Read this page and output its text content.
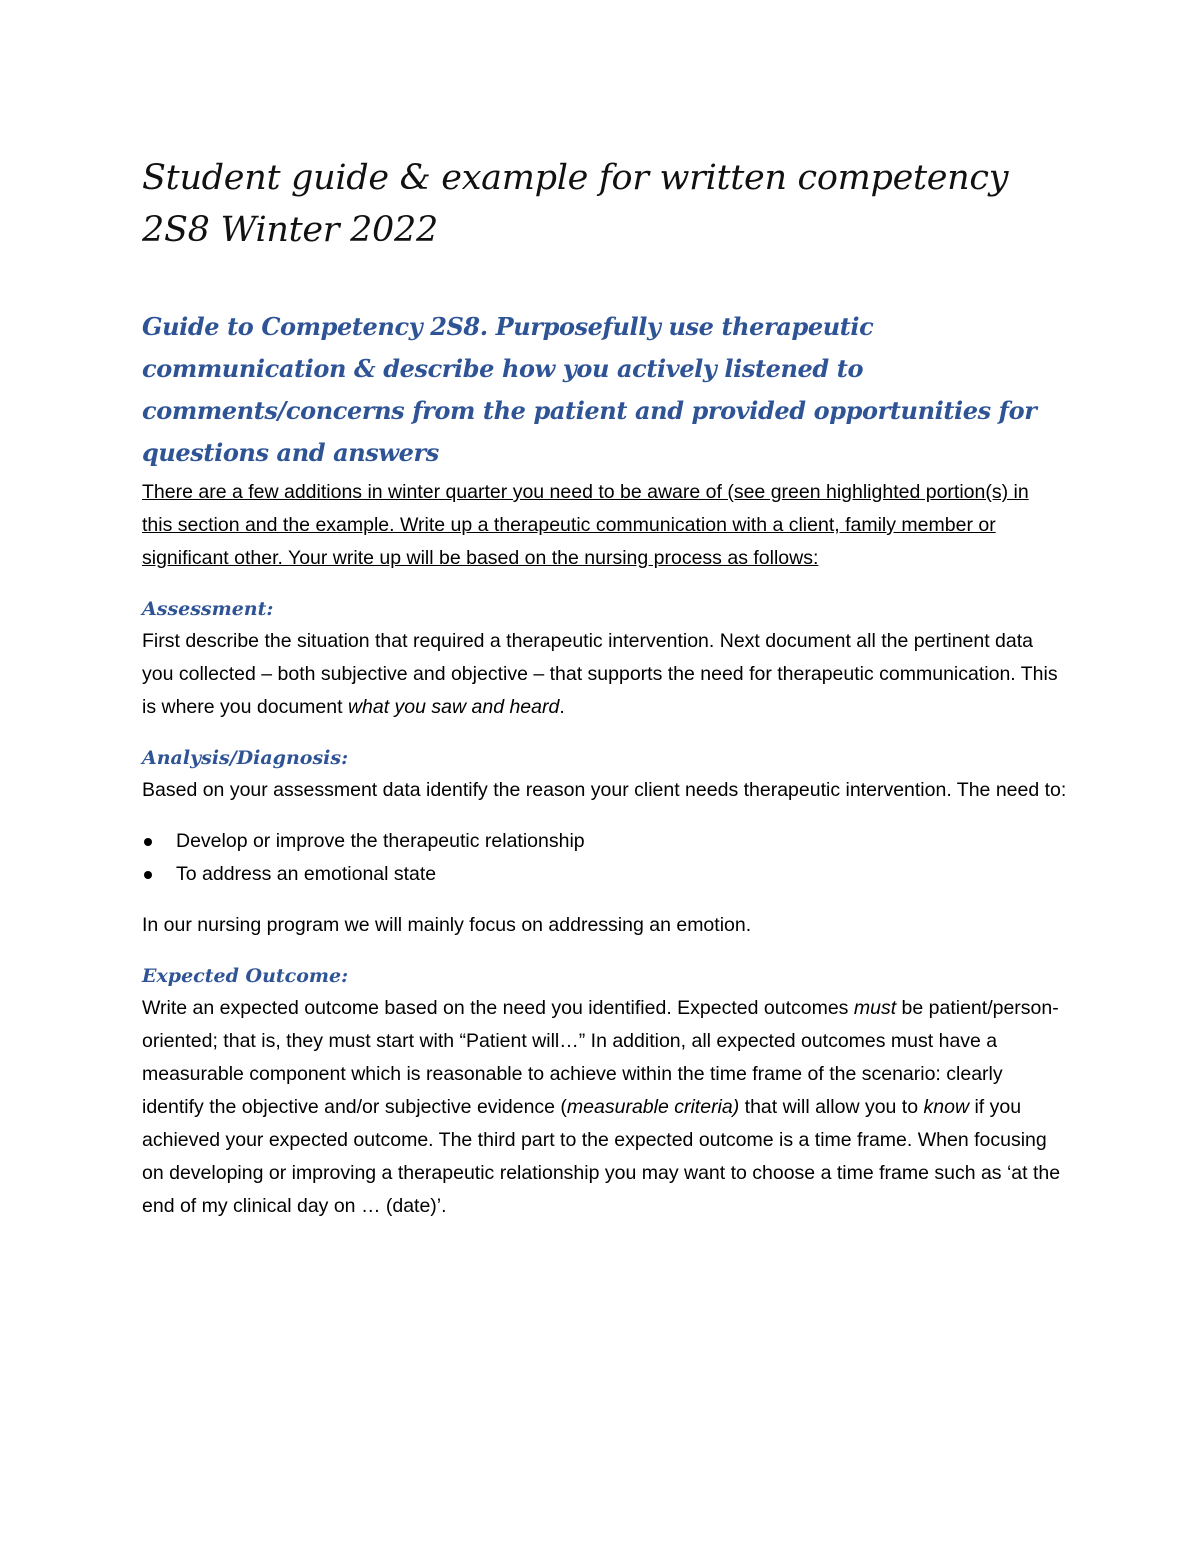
Student guide & example for written competency 2S8 Winter 2022
Guide to Competency 2S8. Purposefully use therapeutic communication & describe how you actively listened to comments/concerns from the patient and provided opportunities for questions and answers

There are a few additions in winter quarter you need to be aware of (see green highlighted portion(s) in this section and the example. Write up a therapeutic communication with a client, family member or significant other. Your write up will be based on the nursing process as follows:

Assessment:

First describe the situation that required a therapeutic intervention. Next document all the pertinent data you collected – both subjective and objective – that supports the need for therapeutic communication. This is where you document what you saw and heard.

Analysis/Diagnosis:

Based on your assessment data identify the reason your client needs therapeutic intervention. The need to:

Develop or improve the therapeutic relationship
To address an emotional state

In our nursing program we will mainly focus on addressing an emotion.

Expected Outcome:

Write an expected outcome based on the need you identified. Expected outcomes must be patient/person-oriented; that is, they must start with “Patient will…” In addition, all expected outcomes must have a measurable component which is reasonable to achieve within the time frame of the scenario: clearly identify the objective and/or subjective evidence (measurable criteria) that will allow you to know if you achieved your expected outcome. The third part to the expected outcome is a time frame. When focusing on developing or improving a therapeutic relationship you may want to choose a time frame such as ‘at the end of my clinical day on … (date)’.
